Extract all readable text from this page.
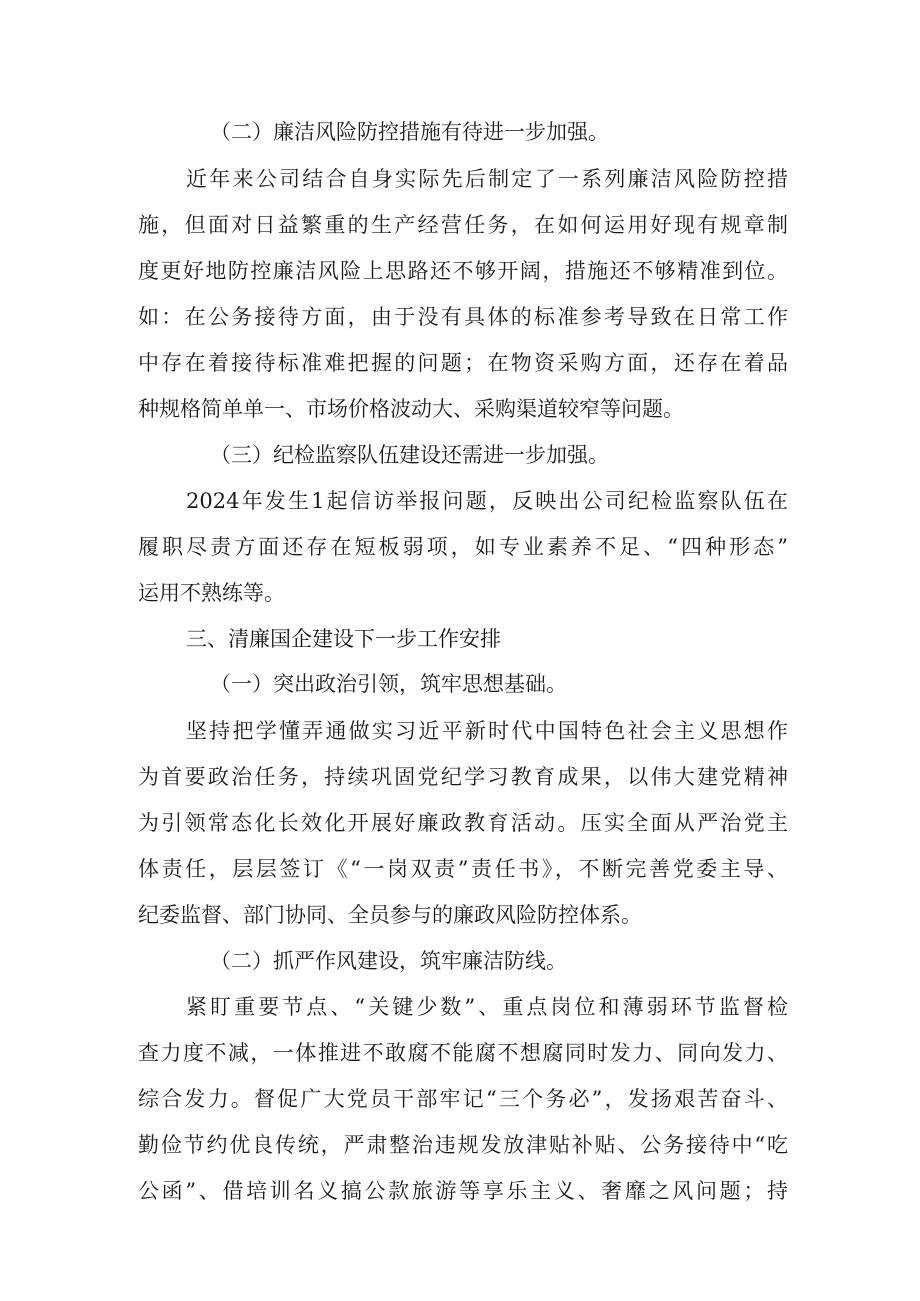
（二）廉洁风险防控措施有待进一步加强。
近年来公司结合自身实际先后制定了一系列廉洁风险防控措
施，但面对日益繁重的生产经营任务，在如何运用好现有规章制
度更好地防控廉洁风险上思路还不够开阔，措施还不够精准到位。
如：在公务接待方面，由于没有具体的标准参考导致在日常工作
中存在着接待标准难把握的问题；在物资采购方面，还存在着品
种规格简单单一、市场价格波动大、采购渠道较窄等问题。
（三）纪检监察队伍建设还需进一步加强。
2024年发生1起信访举报问题，反映出公司纪检监察队伍在
履职尽责方面还存在短板弱项，如专业素养不足、“四种形态”
运用不熟练等。
三、清廉国企建设下一步工作安排
（一）突出政治引领，筑牢思想基础。
坚持把学懂弄通做实习近平新时代中国特色社会主义思想作
为首要政治任务，持续巩固党纪学习教育成果，以伟大建党精神
为引领常态化长效化开展好廉政教育活动。压实全面从严治党主
体责任，层层签订《“一岗双责”责任书》，不断完善党委主导、
纪委监督、部门协同、全员参与的廉政风险防控体系。
（二）抓严作风建设，筑牢廉洁防线。
紧盯重要节点、“关键少数”、重点岗位和薄弱环节监督检
查力度不减，一体推进不敢腐不能腐不想腐同时发力、同向发力、
综合发力。督促广大党员干部牢记“三个务必”，发扬艰苦奋斗、
勤俭节约优良传统，严肃整治违规发放津贴补贴、公务接待中“吃
公函”、借培训名义搞公款旅游等享乐主义、奢靡之风问题；持
